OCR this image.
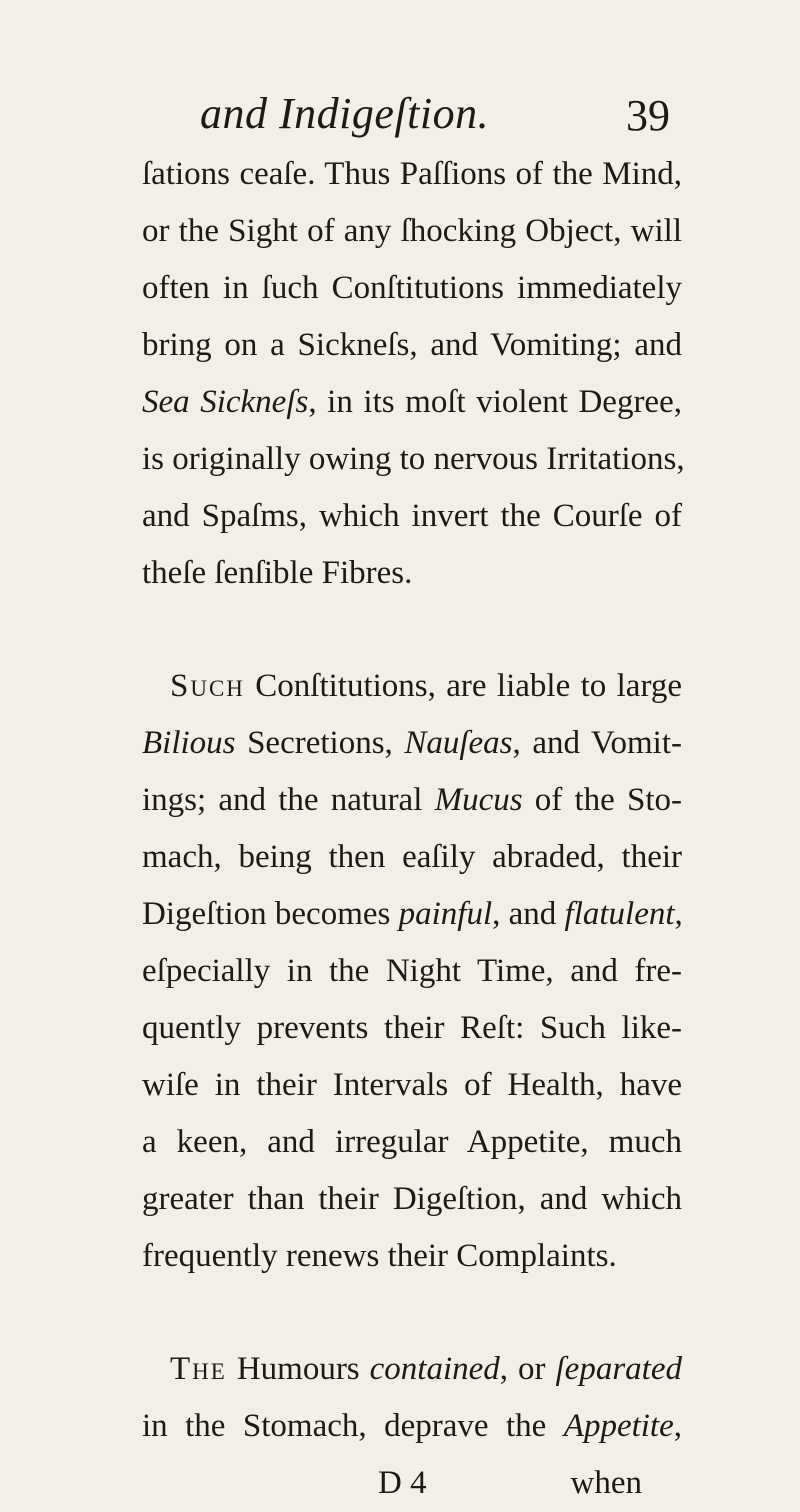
and Indigeſtion.	39
ſations ceaſe. Thus Paſſions of the Mind,
or the Sight of any ſhocking Object, will
often in ſuch Conſtitutions immediately
bring on a Sickneſs, and Vomiting; and
Sea Sickneſs, in its moſt violent Degree,
is originally owing to nervous Irritations,
and Spaſms, which invert the Courſe of
theſe ſenſible Fibres.
Such Conſtitutions, are liable to large
Bilious Secretions, Nauſeas, and Vomit-
ings; and the natural Mucus of the Sto-
mach, being then eaſily abraded, their
Digeſtion becomes painful, and flatulent,
eſpecially in the Night Time, and fre-
quently prevents their Reſt: Such like-
wiſe in their Intervals of Health, have
a keen, and irregular Appetite, much
greater than their Digeſtion, and which
frequently renews their Complaints.
The Humours contained, or ſeparated
in the Stomach, deprave the Appetite,
D 4	when
